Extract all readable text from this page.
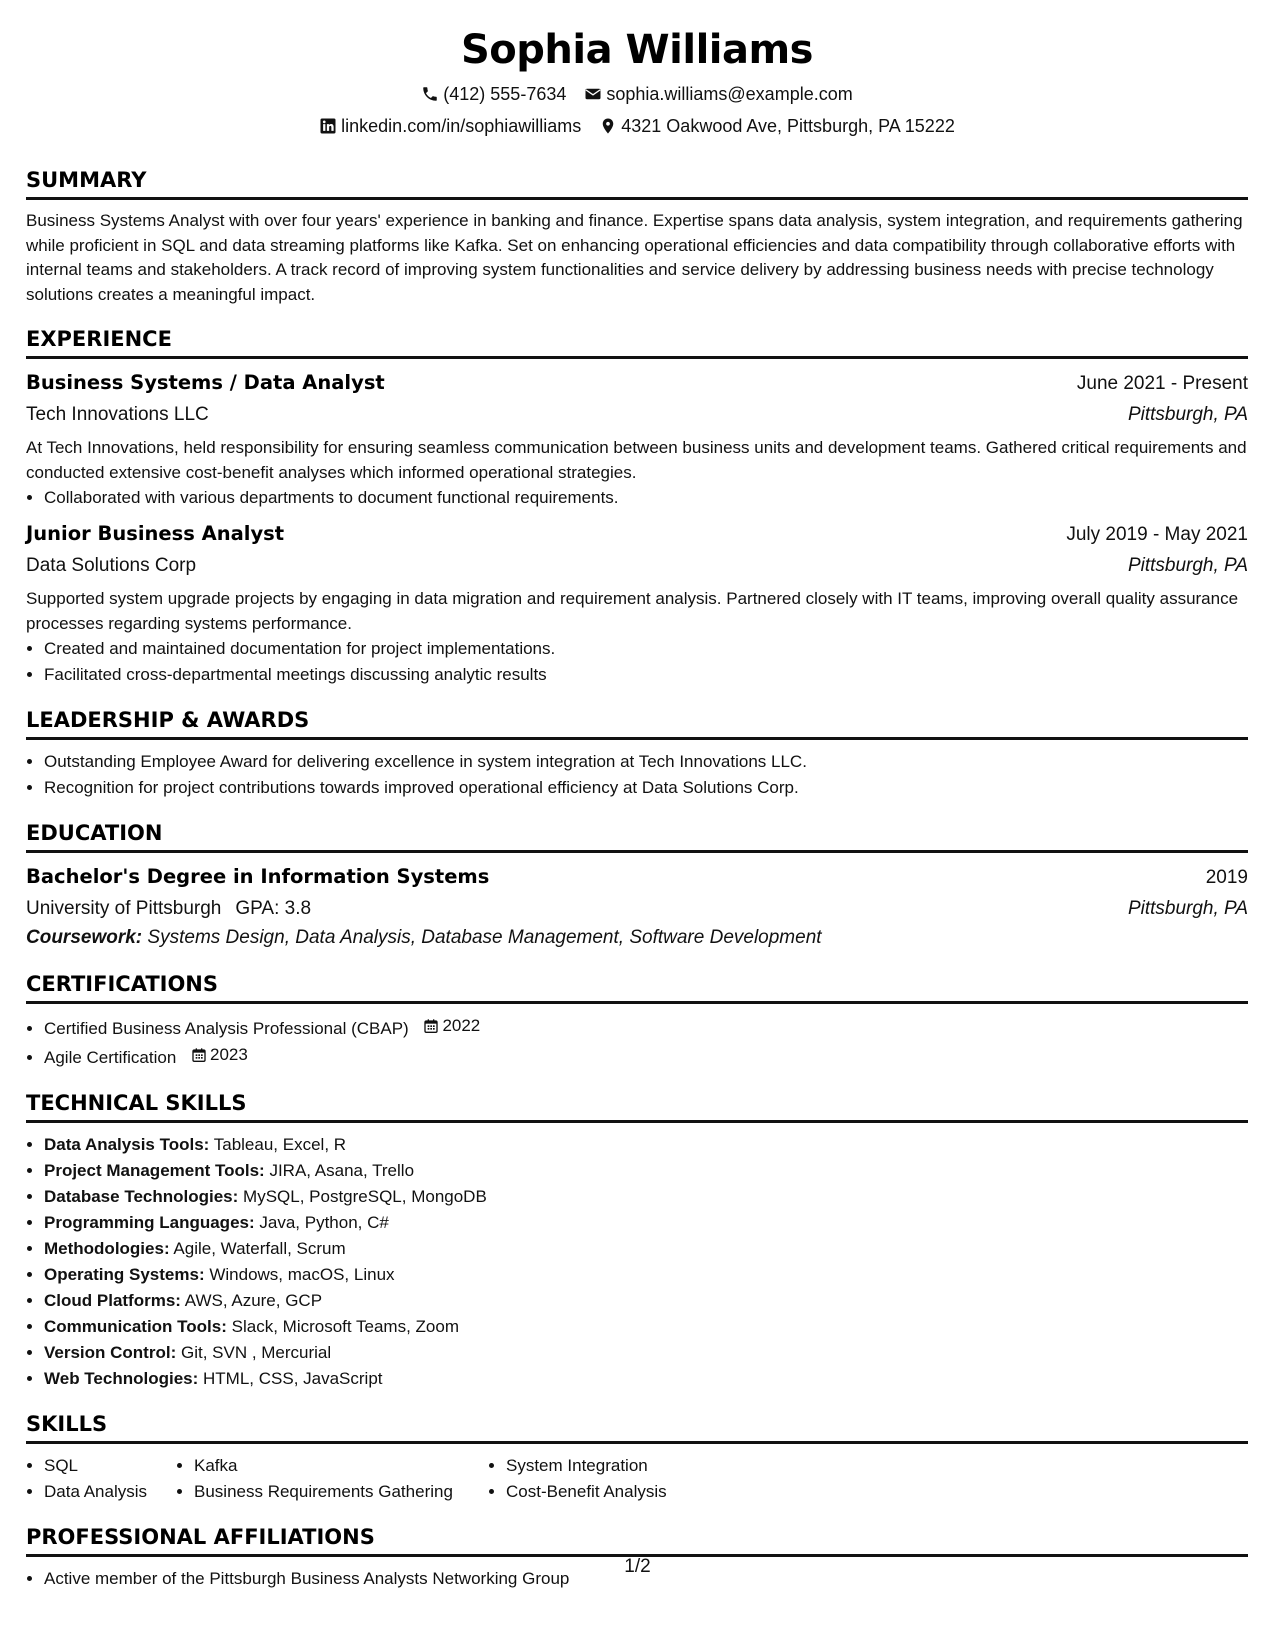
Sophia Williams
(412) 555-7634 sophia.williams@example.com
linkedin.com/in/sophiawilliams 4321 Oakwood Ave, Pittsburgh, PA 15222
SUMMARY

Business Systems Analyst with over four years' experience in banking and finance. Expertise spans data analysis, system integration, and requirements gathering while proficient in SQL and data streaming platforms like Kafka. Set on enhancing operational efficiencies and data compatibility through collaborative efforts with internal teams and stakeholders. A track record of improving system functionalities and service delivery by addressing business needs with precise technology solutions creates a meaningful impact.

EXPERIENCE
Business Systems / Data Analyst	June 2021 - Present
Tech Innovations LLC	Pittsburgh, PA

At Tech Innovations, held responsibility for ensuring seamless communication between business units and development teams. Gathered critical requirements and conducted extensive cost-benefit analyses which informed operational strategies.

• Collaborated with various departments to document functional requirements.
Junior Business Analyst	July 2019 - May 2021
Data Solutions Corp	Pittsburgh, PA

Supported system upgrade projects by engaging in data migration and requirement analysis. Partnered closely with IT teams, improving overall quality assurance processes regarding systems performance.

• Created and maintained documentation for project implementations.
• Facilitated cross-departmental meetings discussing analytic results
LEADERSHIP & AWARDS
• Outstanding Employee Award for delivering excellence in system integration at Tech Innovations LLC.
• Recognition for project contributions towards improved operational efficiency at Data Solutions Corp.
EDUCATION
Bachelor's Degree in Information Systems	2019
University of Pittsburgh GPA: 3.8	Pittsburgh, PA
Coursework: Systems Design, Data Analysis, Database Management, Software Development
CERTIFICATIONS
• Certified Business Analysis Professional (CBAP) 2022
• Agile Certification 2023
TECHNICAL SKILLS
• Data Analysis Tools: Tableau, Excel, R
• Project Management Tools: JIRA, Asana, Trello
• Database Technologies: MySQL, PostgreSQL, MongoDB
• Programming Languages: Java, Python, C#
• Methodologies: Agile, Waterfall, Scrum
• Operating Systems: Windows, macOS, Linux
• Cloud Platforms: AWS, Azure, GCP
• Communication Tools: Slack, Microsoft Teams, Zoom
• Version Control: Git, SVN , Mercurial
• Web Technologies: HTML, CSS, JavaScript
SKILLS
• SQL
• Data Analysis
• Kafka
• Business Requirements Gathering
• System Integration
• Cost-Benefit Analysis
PROFESSIONAL AFFILIATIONS
• Active member of the Pittsburgh Business Analysts Networking Group
1/2
